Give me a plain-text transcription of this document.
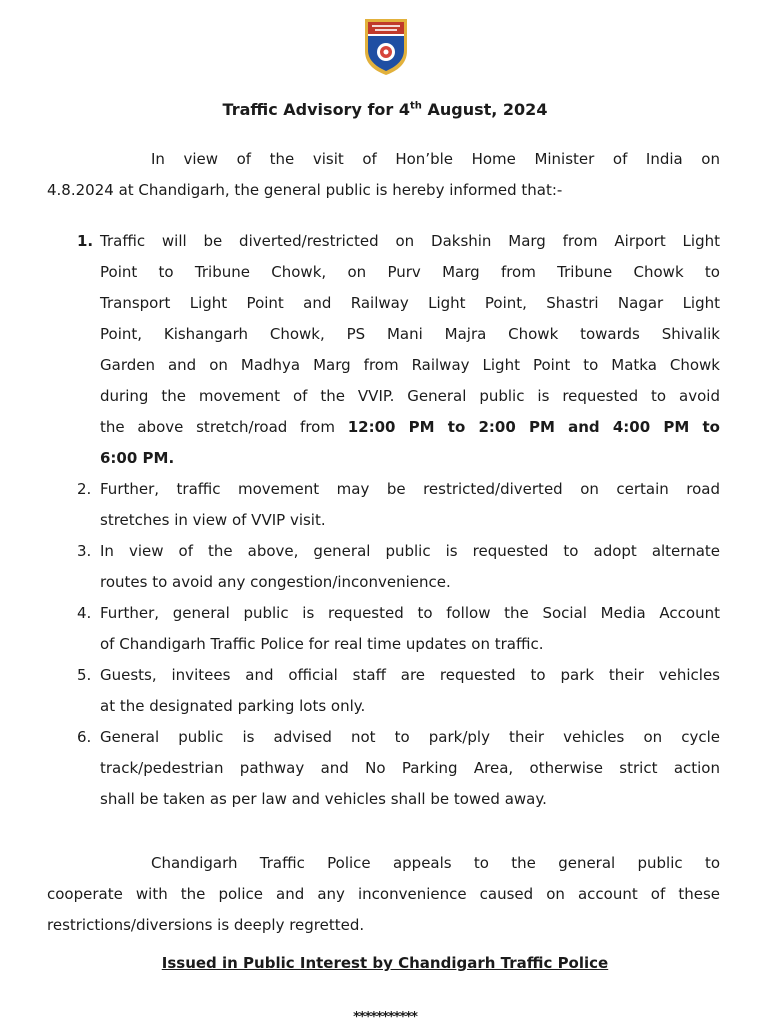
Traffic Advisory for 4th August, 2024
In view of the visit of Hon’ble Home Minister of India on
4.8.2024 at Chandigarh, the general public is hereby informed that:-
1. Traffic will be diverted/restricted on Dakshin Marg from Airport Light
Point to Tribune Chowk, on Purv Marg from Tribune Chowk to
Transport Light Point and Railway Light Point, Shastri Nagar Light
Point, Kishangarh Chowk, PS Mani Majra Chowk towards Shivalik
Garden and on Madhya Marg from Railway Light Point to Matka Chowk
during the movement of the VVIP. General public is requested to avoid
the above stretch/road from 12:00 PM to 2:00 PM and 4:00 PM to
6:00 PM.
2. Further, traffic movement may be restricted/diverted on certain road
stretches in view of VVIP visit.
3. In view of the above, general public is requested to adopt alternate
routes to avoid any congestion/inconvenience.
4. Further, general public is requested to follow the Social Media Account
of Chandigarh Traffic Police for real time updates on traffic.
5. Guests, invitees and official staff are requested to park their vehicles
at the designated parking lots only.
6. General public is advised not to park/ply their vehicles on cycle
track/pedestrian pathway and No Parking Area, otherwise strict action
shall be taken as per law and vehicles shall be towed away.
Chandigarh Traffic Police appeals to the general public to
cooperate with the police and any inconvenience caused on account of these
restrictions/diversions is deeply regretted.
Issued in Public Interest by Chandigarh Traffic Police
***********
